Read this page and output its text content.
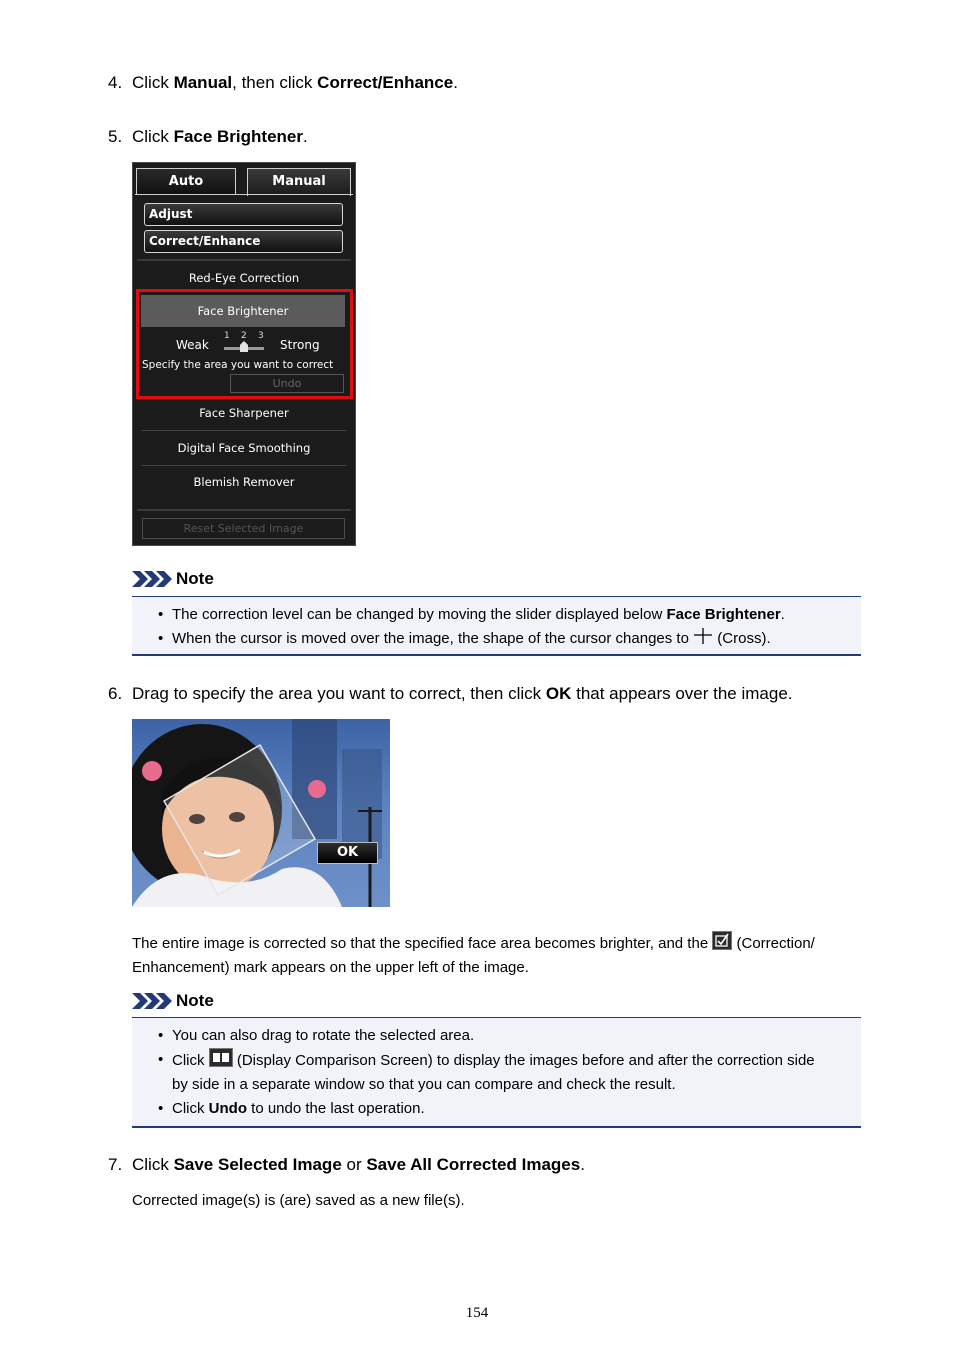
4. Click Manual, then click Correct/Enhance.
5. Click Face Brightener.
Auto	Manual
Adjust
Correct/Enhance
Red-Eye Correction
Face Brightener
Weak
1 2 3
Strong
Specify the area you want to correct
Undo
Face Sharpener
Digital Face Smoothing
Blemish Remover
Reset Selected Image
Note
• The correction level can be changed by moving the slider displayed below Face Brightener.
• When the cursor is moved over the image, the shape of the cursor changes to  (Cross).
6. Drag to specify the area you want to correct, then click OK that appears over the image.
OK
The entire image is corrected so that the specified face area becomes brighter, and the
(Correction/
Enhancement) mark appears on the upper left of the image.
Note
• You can also drag to rotate the selected area.
• Click
(Display Comparison Screen) to display the images before and after the correction side
by side in a separate window so that you can compare and check the result.
• Click Undo to undo the last operation.
7. Click Save Selected Image or Save All Corrected Images.
Corrected image(s) is (are) saved as a new file(s).
154
